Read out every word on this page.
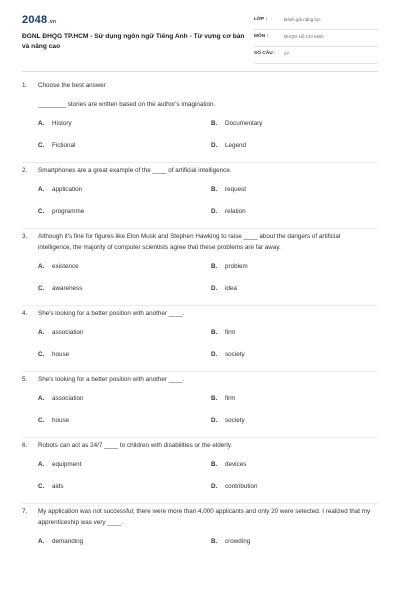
2048.vn
ĐGNL ĐHQG TP.HCM - Sử dụng ngôn ngữ Tiếng Anh - Từ vựng cơ bản và nâng cao
LỚP :	Đánh giá năng lực
MÔN :	ĐHQG Hồ Chí Minh
SỐ CÂU : 27
1. Choose the best answer
________ stories are written based on the author's imagination.
A. History	B. Documentary
C. Fictional	D. Legend
2. Smartphones are a great example of the ____ of artificial intelligence.
A. application	B. request
C. programme	D. relation
3. Although it's fine for figures like Elon Musk and Stephen Hawking to raise ____ about the dangers of artificial intelligence, the majority of computer scientists agree that these problems are far away.
A. existence	B. problem
C. awareness	D. idea
4. She's looking for a better position with another ____.
A. association	B. firm
C. house	D. society
5. She's looking for a better position with another ____.
A. association	B. firm
C. house	D. society
6. Robots can act as 24/7 ____ to children with disabilities or the elderly.
A. equipment	B. devices
C. aids	D. contribution
7. My application was not successful; there were more than 4,000 applicants and only 20 were selected. I realized that my apprenticeship was very ____.
A. demanding	B. crowding
